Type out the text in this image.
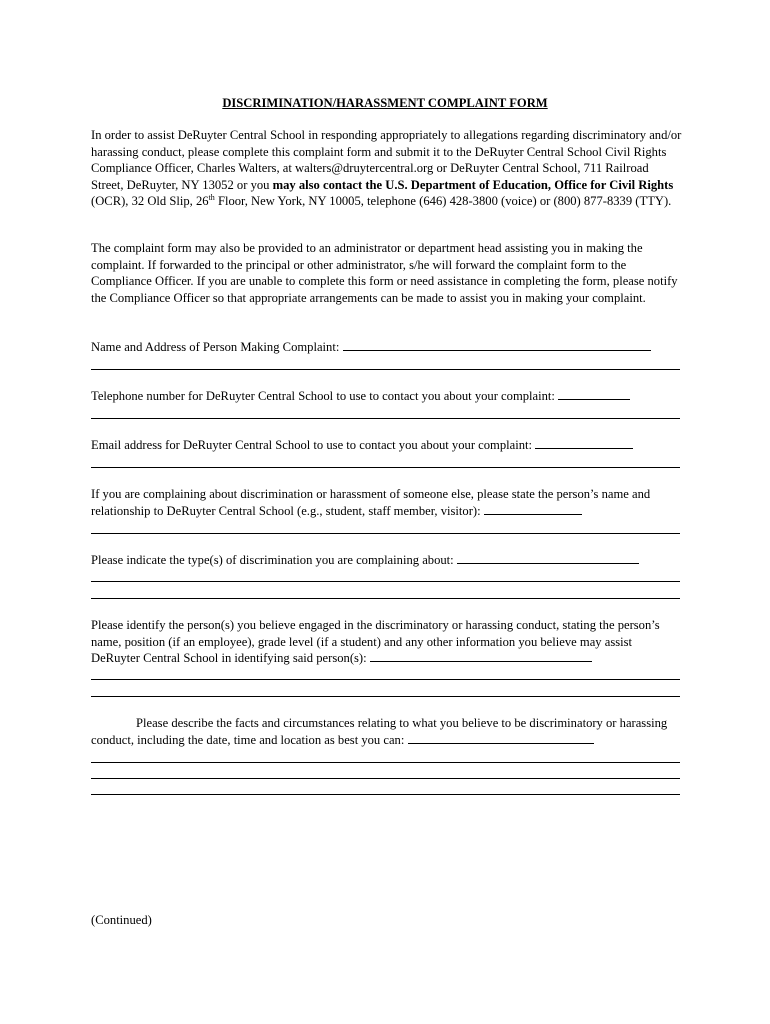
DISCRIMINATION/HARASSMENT COMPLAINT FORM
In order to assist DeRuyter Central School in responding appropriately to allegations regarding discriminatory and/or harassing conduct, please complete this complaint form and submit it to the DeRuyter Central School Civil Rights Compliance Officer, Charles Walters, at walters@druytercentral.org or DeRuyter Central School, 711 Railroad Street, DeRuyter, NY 13052 or you may also contact the U.S. Department of Education, Office for Civil Rights (OCR), 32 Old Slip, 26th Floor, New York, NY 10005, telephone (646) 428-3800 (voice) or (800) 877-8339 (TTY).
The complaint form may also be provided to an administrator or department head assisting you in making the complaint. If forwarded to the principal or other administrator, s/he will forward the complaint form to the Compliance Officer. If you are unable to complete this form or need assistance in completing the form, please notify the Compliance Officer so that appropriate arrangements can be made to assist you in making your complaint.
Name and Address of Person Making Complaint:
Telephone number for DeRuyter Central School to use to contact you about your complaint:
Email address for DeRuyter Central School to use to contact you about your complaint:
If you are complaining about discrimination or harassment of someone else, please state the person’s name and relationship to DeRuyter Central School (e.g., student, staff member, visitor):
Please indicate the type(s) of discrimination you are complaining about:
Please identify the person(s) you believe engaged in the discriminatory or harassing conduct, stating the person’s name, position (if an employee), grade level (if a student) and any other information you believe may assist DeRuyter Central School in identifying said person(s):
Please describe the facts and circumstances relating to what you believe to be discriminatory or harassing conduct, including the date, time and location as best you can:
(Continued)
